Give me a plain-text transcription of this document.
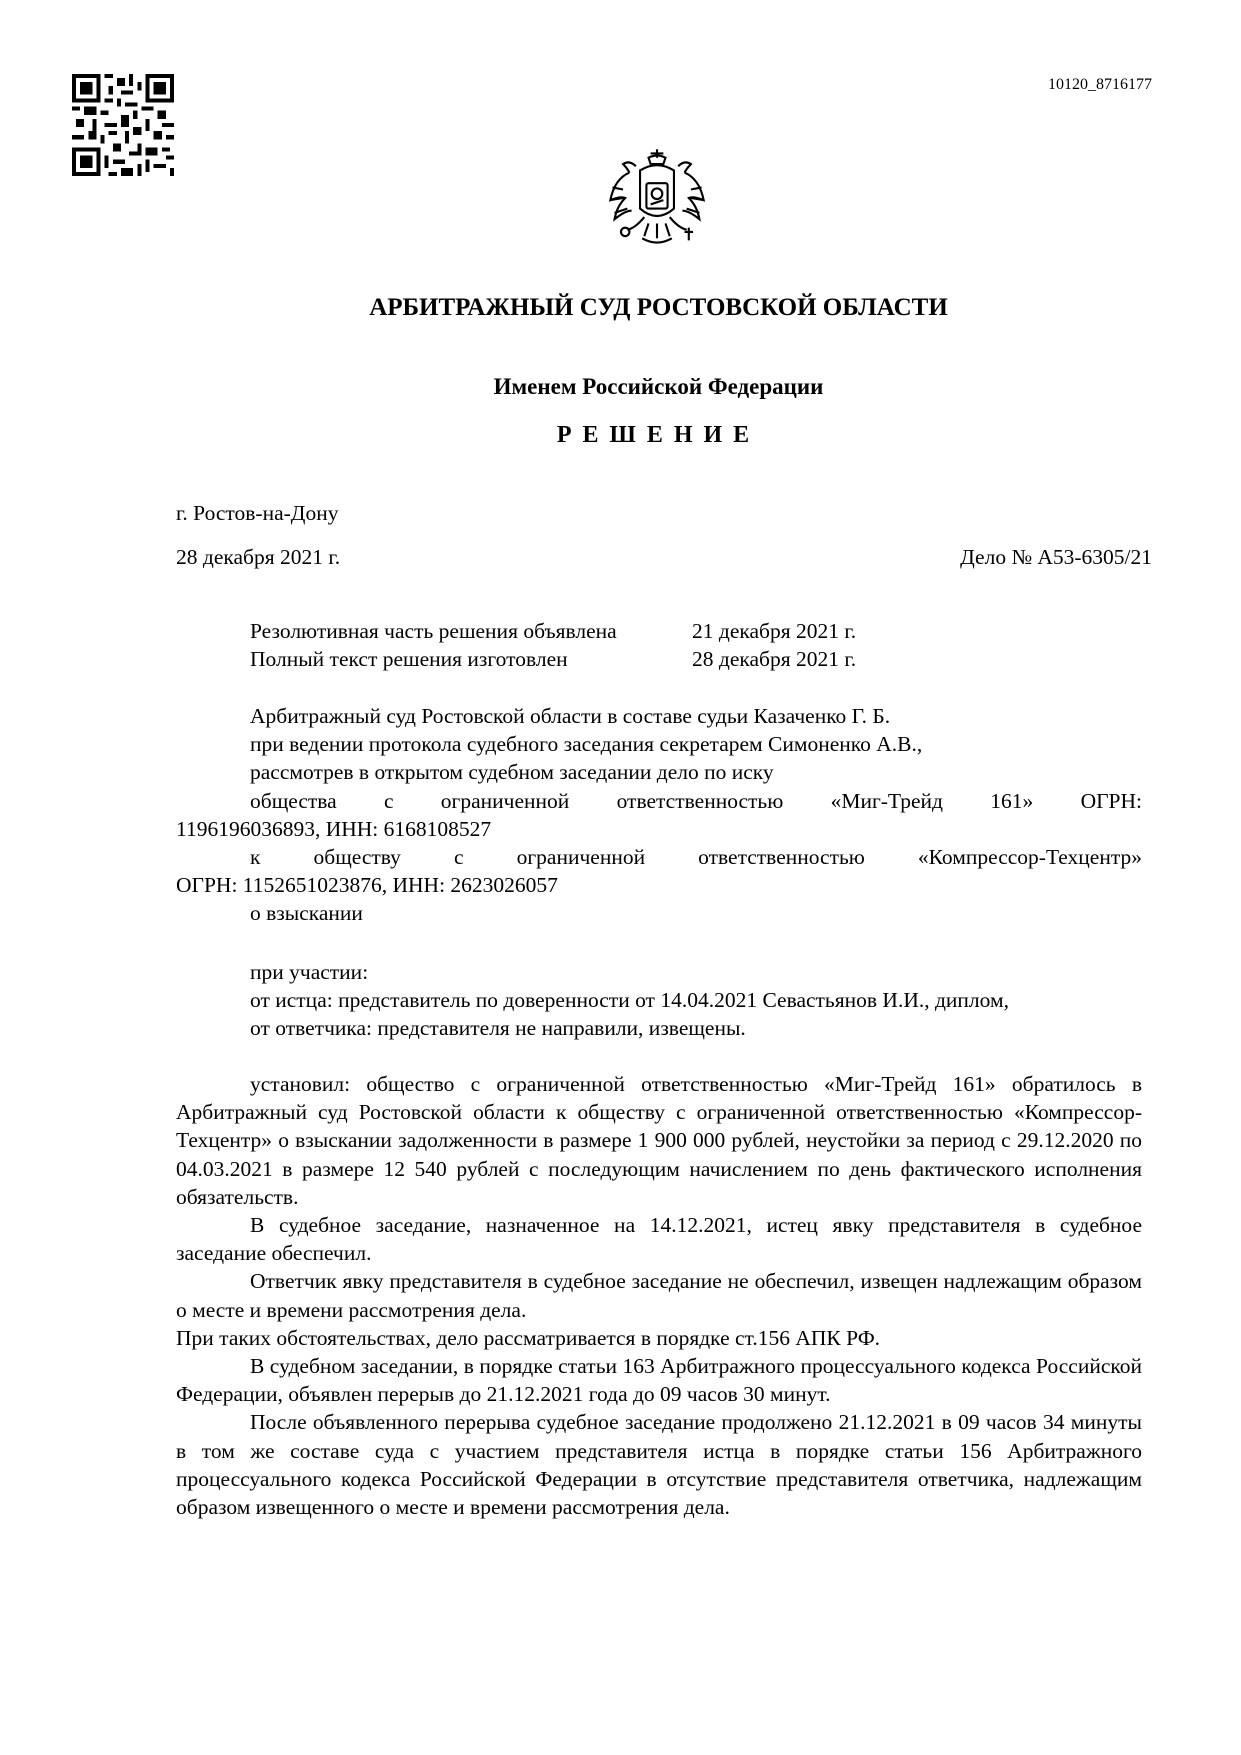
10120_8716177
АРБИТРАЖНЫЙ СУД РОСТОВСКОЙ ОБЛАСТИ
Именем Российской Федерации
РЕШЕНИЕ
г. Ростов-на-Дону
28 декабря 2021 г.	Дело № А53-6305/21
Резолютивная часть решения объявлена	21 декабря 2021 г.
Полный текст решения изготовлен	28 декабря 2021 г.

Арбитражный суд Ростовской области в составе судьи Казаченко Г. Б.

при ведении протокола судебного заседания секретарем Симоненко А.В.,

рассмотрев в открытом судебном заседании дело по иску

общества с ограниченной ответственностью «Миг-Трейд 161» ОГРН:

1196196036893, ИНН: 6168108527

к обществу с ограниченной ответственностью «Компрессор-Техцентр»

ОГРН: 1152651023876, ИНН: 2623026057

о взыскании

при участии:

от истца: представитель по доверенности от 14.04.2021 Севастьянов И.И., диплом,

от ответчика: представителя не направили, извещены.

установил: общество с ограниченной ответственностью «Миг-Трейд 161» обратилось в Арбитражный суд Ростовской области к обществу с ограниченной ответственностью «Компрессор-Техцентр» о взыскании задолженности в размере 1 900 000 рублей, неустойки за период с 29.12.2020 по 04.03.2021 в размере 12 540 рублей с последующим начислением по день фактического исполнения обязательств.

В судебное заседание, назначенное на 14.12.2021, истец явку представителя в судебное заседание обеспечил.

Ответчик явку представителя в судебное заседание не обеспечил, извещен надлежащим образом о месте и времени рассмотрения дела.

При таких обстоятельствах, дело рассматривается в порядке ст.156 АПК РФ.

В судебном заседании, в порядке статьи 163 Арбитражного процессуального кодекса Российской Федерации, объявлен перерыв до 21.12.2021 года до 09 часов 30 минут.

После объявленного перерыва судебное заседание продолжено 21.12.2021 в 09 часов 34 минуты в том же составе суда с участием представителя истца в порядке статьи 156 Арбитражного процессуального кодекса Российской Федерации в отсутствие представителя ответчика, надлежащим образом извещенного о месте и времени рассмотрения дела.
